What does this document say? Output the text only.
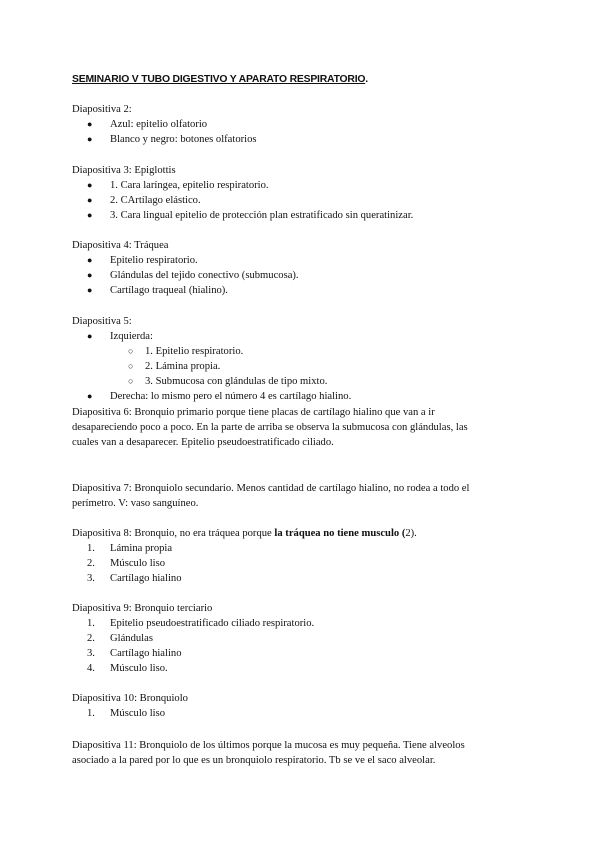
SEMINARIO V TUBO DIGESTIVO Y APARATO RESPIRATORIO.
Diapositiva 2:
● Azul: epitelio olfatorio
● Blanco y negro: botones olfatorios
Diapositiva 3: Epiglottis
● 1. Cara laríngea, epitelio respiratorio.
● 2. CArtílago elástico.
● 3. Cara lingual epitelio de protección plan estratificado sin queratinizar.
Diapositiva 4: Tráquea
● Epitelio respiratorio.
● Glándulas del tejido conectivo (submucosa).
● Cartílago traqueal (hialino).
Diapositiva 5:
● Izquierda:
○ 1. Epitelio respiratorio.
○ 2. Lámina propia.
○ 3. Submucosa con glándulas de tipo mixto.
● Derecha: lo mismo pero el número 4 es cartílago hialino.
Diapositiva 6: Bronquio primario porque tiene placas de cartílago hialino que van a ir
desapareciendo poco a poco. En la parte de arriba se observa la submucosa con glándulas, las
cuales van a desaparecer. Epitelio pseudoestratificado ciliado.
Diapositiva 7: Bronquiolo secundario. Menos cantidad de cartílago hialino, no rodea a todo el
perímetro. V: vaso sanguíneo.
Diapositiva 8: Bronquio, no era tráquea porque la tráquea no tiene musculo (2).
1. Lámina propia
2. Músculo liso
3. Cartílago hialino
Diapositiva 9: Bronquio terciario
1. Epitelio pseudoestratificado ciliado respiratorio.
2. Glándulas
3. Cartílago hialino
4. Músculo liso.
Diapositiva 10: Bronquiolo
1. Músculo liso
Diapositiva 11: Bronquiolo de los últimos porque la mucosa es muy pequeña. Tiene alveolos
asociado a la pared por lo que es un bronquiolo respiratorio. Tb se ve el saco alveolar.
